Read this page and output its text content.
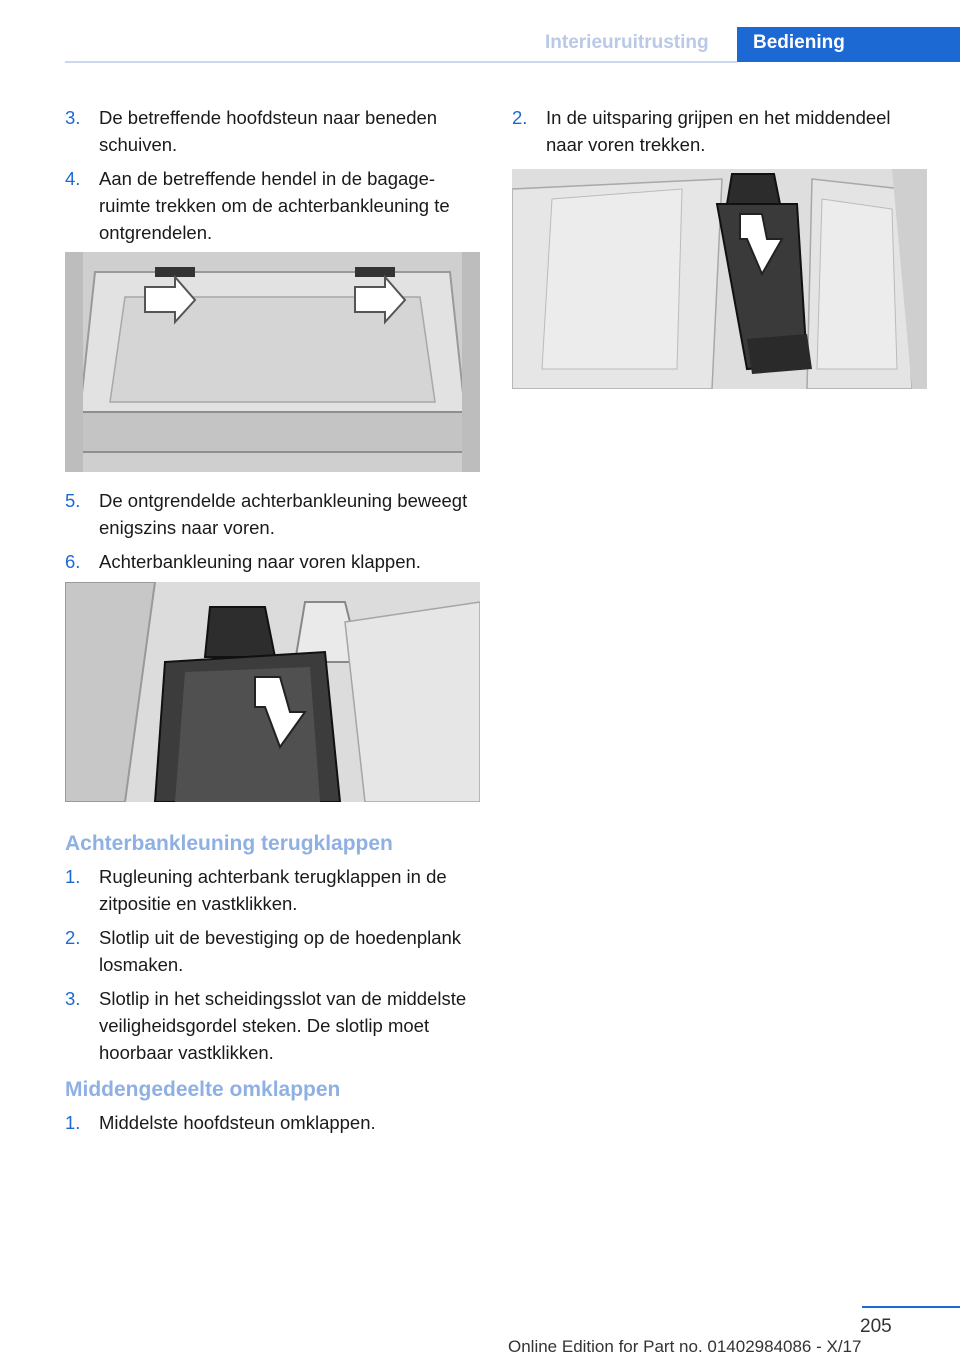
Interieuruitrusting	Bediening
3. De betreffende hoofdsteun naar beneden schuiven.
4. Aan de betreffende hendel in de bagageruimte trekken om de achterbankleuning te ontgrendelen.
5. De ontgrendelde achterbankleuning beweegt enigszins naar voren.
6. Achterbankleuning naar voren klappen.
Achterbankleuning terugklappen
1. Rugleuning achterbank terugklappen in de zitpositie en vastklikken.
2. Slotlip uit de bevestiging op de hoedenplank losmaken.
3. Slotlip in het scheidingsslot van de middelste veiligheidsgordel steken. De slotlip moet hoorbaar vastklikken.
Middengedeelte omklappen
1. Middelste hoofdsteun omklappen.
2. In de uitsparing grijpen en het middendeel naar voren trekken.
205
Online Edition for Part no. 01402984086 - X/17
